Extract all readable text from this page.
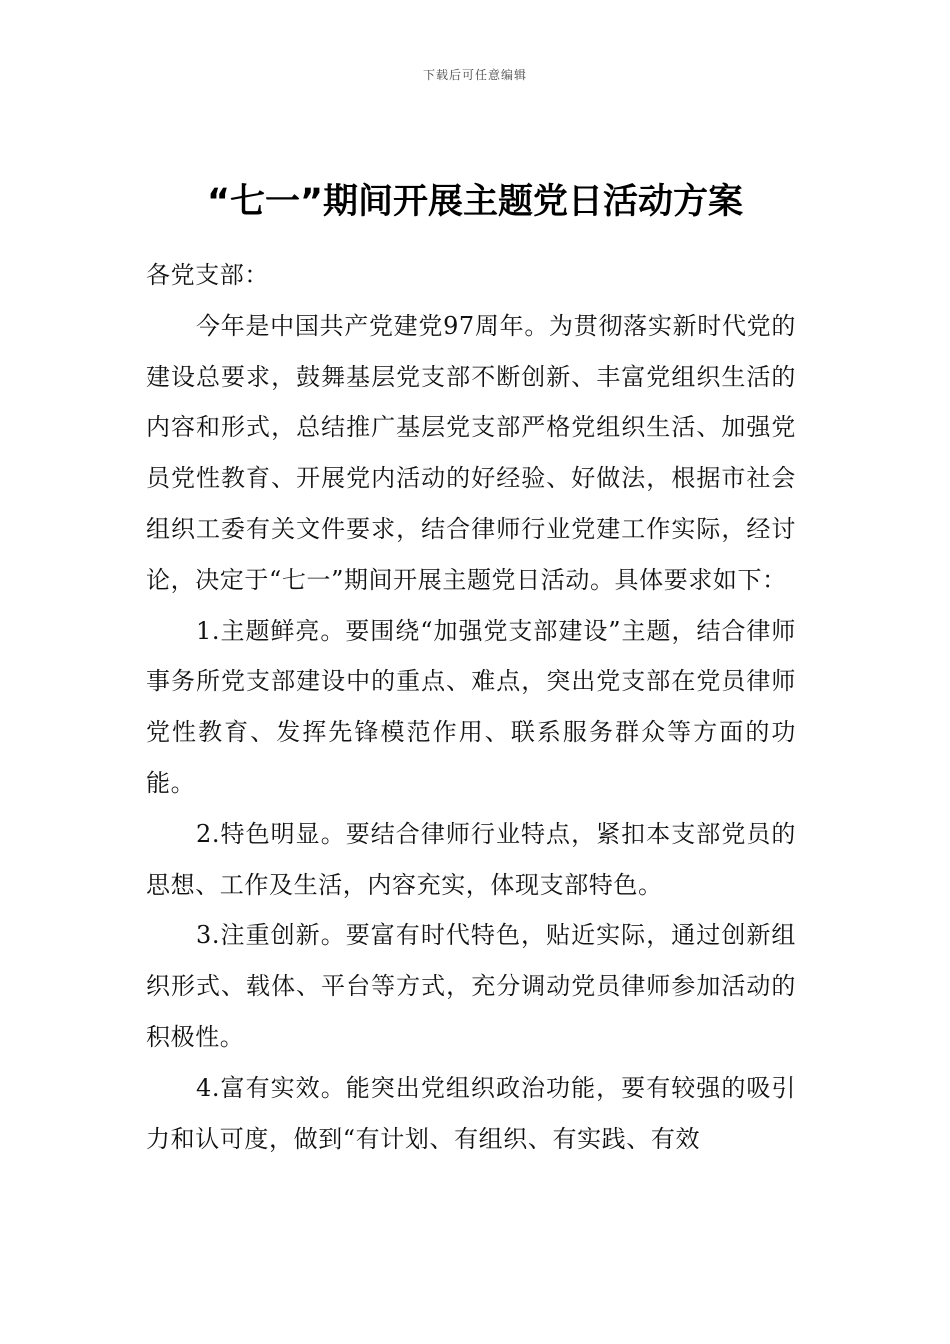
下载后可任意编辑
“七一”期间开展主题党日活动方案

各党支部：

今年是中国共产党建党97周年。为贯彻落实新时代党的建设总要求，鼓舞基层党支部不断创新、丰富党组织生活的内容和形式，总结推广基层党支部严格党组织生活、加强党员党性教育、开展党内活动的好经验、好做法，根据市社会组织工委有关文件要求，结合律师行业党建工作实际，经讨论，决定于“七一”期间开展主题党日活动。具体要求如下：

1.主题鲜亮。要围绕“加强党支部建设”主题，结合律师事务所党支部建设中的重点、难点，突出党支部在党员律师党性教育、发挥先锋模范作用、联系服务群众等方面的功能。

2.特色明显。要结合律师行业特点，紧扣本支部党员的思想、工作及生活，内容充实，体现支部特色。

3.注重创新。要富有时代特色，贴近实际，通过创新组织形式、载体、平台等方式，充分调动党员律师参加活动的积极性。

4.富有实效。能突出党组织政治功能，要有较强的吸引力和认可度，做到“有计划、有组织、有实践、有效
